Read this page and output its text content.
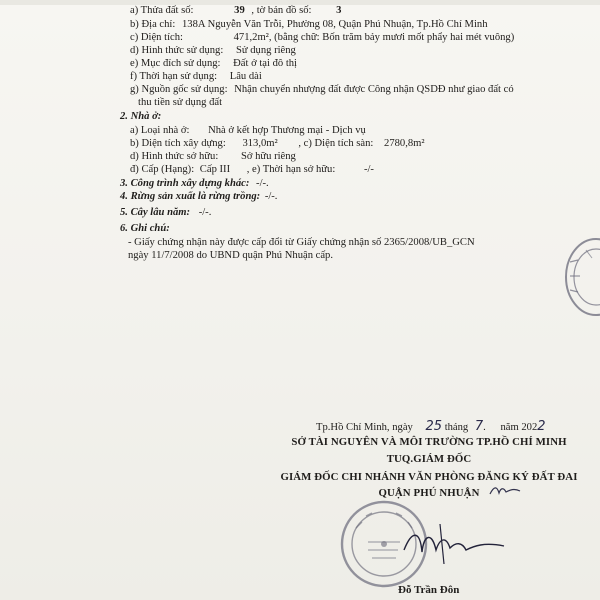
a) Thửa đất số:	39 , tờ bản đồ số: 3
b) Địa chỉ: 138A Nguyễn Văn Trỗi, Phường 08, Quận Phú Nhuận, Tp.Hồ Chí Minh
c) Diện tích:	471,2m², (bằng chữ: Bốn trăm bảy mươi mốt phẩy hai mét vuông)
d) Hình thức sử dụng: Sử dụng riêng
e) Mục đích sử dụng: Đất ở tại đô thị
f) Thời hạn sử dụng: Lâu dài
g) Nguồn gốc sử dụng: Nhận chuyển nhượng đất được Công nhận QSDĐ như giao đất có
thu tiền sử dụng đất
2. Nhà ở:
a) Loại nhà ở: Nhà ở kết hợp Thương mại - Dịch vụ
b) Diện tích xây dựng: 313,0m² , c) Diện tích sàn: 2780,8m²
d) Hình thức sở hữu: Sở hữu riêng
đ) Cấp (Hạng): Cấp III , e) Thời hạn sở hữu:	-/-
3. Công trình xây dựng khác: -/-.
4. Rừng sản xuất là rừng trồng: -/-.
5. Cây lâu năm: -/-.
6. Ghi chú:
- Giấy chứng nhận này được cấp đổi từ Giấy chứng nhận số 2365/2008/UB_GCN
ngày 11/7/2008 do UBND quận Phú Nhuận cấp.
Tp.Hồ Chí Minh, ngày 25 tháng 7. năm 2022
SỞ TÀI NGUYÊN VÀ MÔI TRƯỜNG TP.HỒ CHÍ MINH
TUQ.GIÁM ĐỐC
GIÁM ĐỐC CHI NHÁNH VĂN PHÒNG ĐĂNG KÝ ĐẤT ĐAI
QUẬN PHÚ NHUẬN
Đỗ Trần Đôn
